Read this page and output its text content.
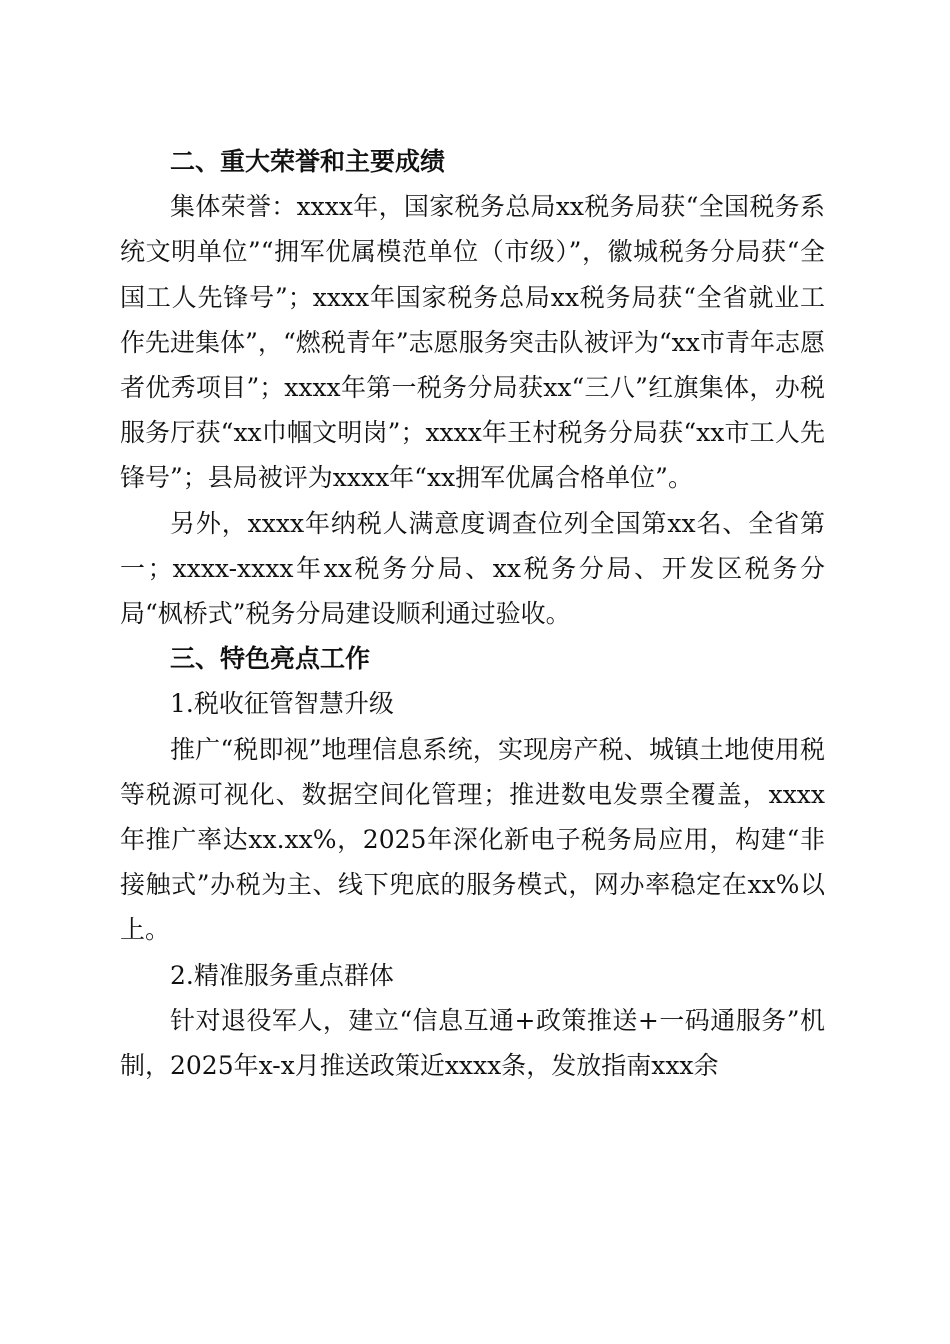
二、重大荣誉和主要成绩

集体荣誉：xxxx年，国家税务总局xx税务局获“全国税务系统文明单位”“拥军优属模范单位（市级）”，徽城税务分局获“全国工人先锋号”；xxxx年国家税务总局xx税务局获“全省就业工作先进集体”，“燃税青年”志愿服务突击队被评为“xx市青年志愿者优秀项目”；xxxx年第一税务分局获xx“三八”红旗集体，办税服务厅获“xx巾帼文明岗”；xxxx年王村税务分局获“xx市工人先锋号”；县局被评为xxxx年“xx拥军优属合格单位”。

另外，xxxx年纳税人满意度调查位列全国第xx名、全省第一；xxxx-xxxx年xx税务分局、xx税务分局、开发区税务分局“枫桥式”税务分局建设顺利通过验收。

三、特色亮点工作
1.税收征管智慧升级

推广“税即视”地理信息系统，实现房产税、城镇土地使用税等税源可视化、数据空间化管理；推进数电发票全覆盖，xxxx年推广率达xx.xx%，2025年深化新电子税务局应用，构建“非接触式”办税为主、线下兜底的服务模式，网办率稳定在xx%以上。

2.精准服务重点群体

针对退役军人，建立“信息互通+政策推送+一码通服务”机制，2025年x-x月推送政策近xxxx条，发放指南xxx余
